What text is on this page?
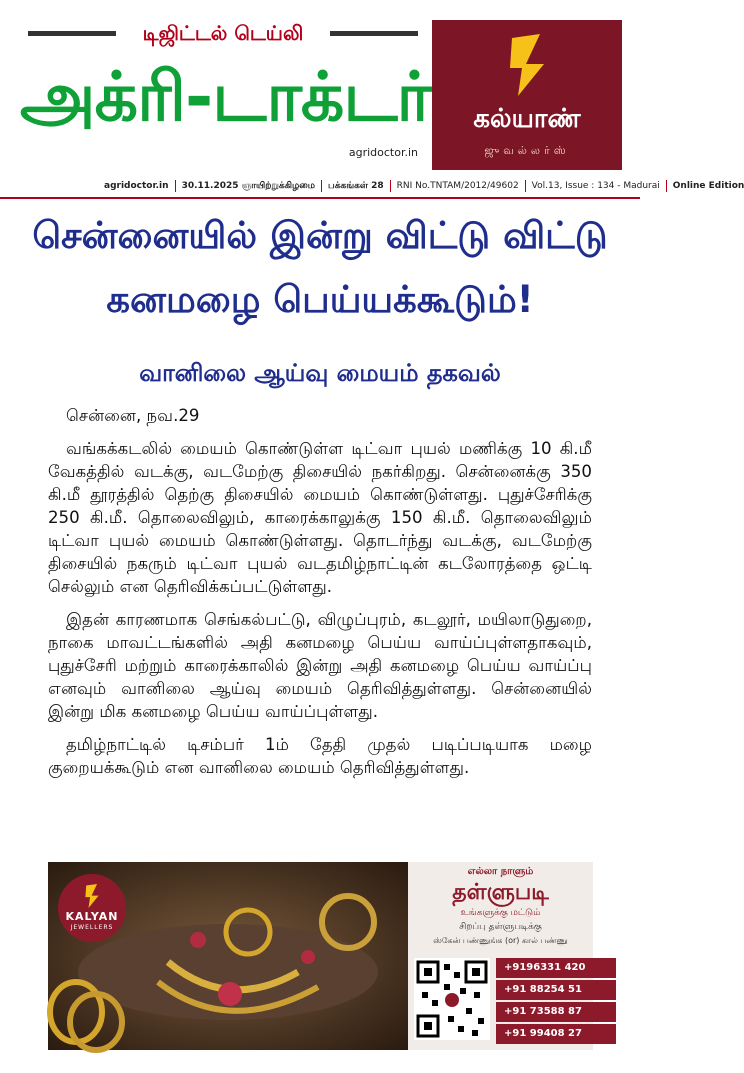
டிஜிட்டல் டெய்லி
அக்ரி-டாக்டர்
agridoctor.in
கல்யாண்
ஜுவல்லர்ஸ்
agridoctor.in 30.11.2025 ஞாயிற்றுக்கிழமை பக்கங்கள் 28 RNI No.TNTAM/2012/49602 Vol.13, Issue : 134 - Madurai Online Edition
சென்னையில் இன்று விட்டு விட்டு
கனமழை பெய்யக்கூடும்!
வானிலை ஆய்வு மையம் தகவல்

சென்னை, நவ.29

வங்கக்கடலில் மையம் கொண்டுள்ள டிட்வா புயல் மணிக்கு 10 கி.மீ வேகத்தில் வடக்கு, வடமேற்கு திசையில் நகர்கிறது. சென்னைக்கு 350 கி.மீ தூரத்தில் தெற்கு திசையில் மையம் கொண்டுள்ளது. புதுச்சேரிக்கு 250 கி.மீ. தொலைவிலும், காரைக்காலுக்கு 150 கி.மீ. தொலைவிலும் டிட்வா புயல் மையம் கொண்டுள்ளது. தொடர்ந்து வடக்கு, வடமேற்கு திசையில் நகரும் டிட்வா புயல் வடதமிழ்நாட்டின் கடலோரத்தை ஒட்டி செல்லும் என தெரிவிக்கப்பட்டுள்ளது.

இதன் காரணமாக செங்கல்பட்டு, விழுப்புரம், கடலூர், மயிலாடுதுறை, நாகை மாவட்டங்களில் அதி கனமழை பெய்ய வாய்ப்புள்ளதாகவும், புதுச்சேரி மற்றும் காரைக்காலில் இன்று அதி கனமழை பெய்ய வாய்ப்பு எனவும் வானிலை ஆய்வு மையம் தெரிவித்துள்ளது. சென்னையில் இன்று மிக கனமழை பெய்ய வாய்ப்புள்ளது.

தமிழ்நாட்டில் டிசம்பர் 1ம் தேதி முதல் படிப்படியாக மழை குறையக்கூடும் என வானிலை மையம் தெரிவித்துள்ளது.

KALYAN
JEWELLERS
எல்லா நாளும்
தள்ளுபடி
உங்களுக்கு மட்டும்
சிறப்பு தள்ளுபடிக்கு
ஸ்கேன் பண்ணுங்க (or) கால் பண்ணு
+9196331 420
+91 88254 51
+91 73588 87
+91 99408 27
